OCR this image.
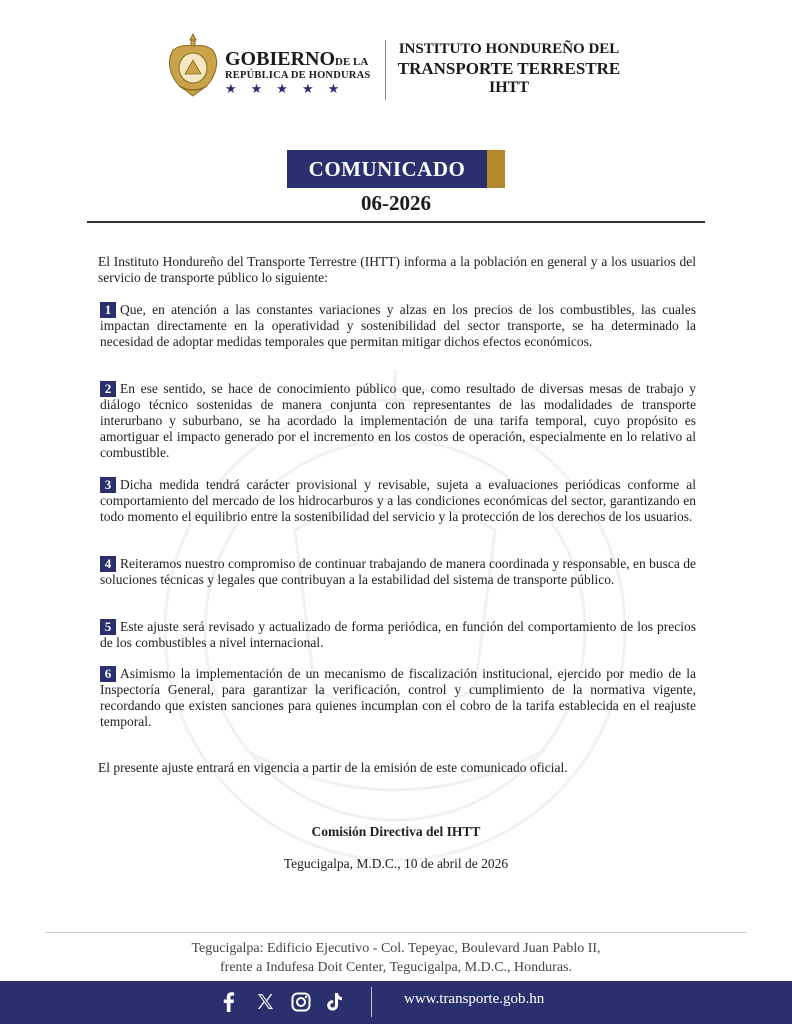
GOBIERNODE LA
REPÚBLICA DE HONDURAS
★★★★★
INSTITUTO HONDUREÑO DEL
TRANSPORTE TERRESTRE
IHTT
COMUNICADO
06-2026
El Instituto Hondureño del Transporte Terrestre (IHTT) informa a la población en general y a los usuarios del servicio de transporte público lo siguiente:
1 Que, en atención a las constantes variaciones y alzas en los precios de los combustibles, las cuales impactan directamente en la operatividad y sostenibilidad del sector transporte, se ha determinado la necesidad de adoptar medidas temporales que permitan mitigar dichos efectos económicos.
2 En ese sentido, se hace de conocimiento público que, como resultado de diversas mesas de trabajo y diálogo técnico sostenidas de manera conjunta con representantes de las modalidades de transporte interurbano y suburbano, se ha acordado la implementación de una tarifa temporal, cuyo propósito es amortiguar el impacto generado por el incremento en los costos de operación, especialmente en lo relativo al combustible.
3 Dicha medida tendrá carácter provisional y revisable, sujeta a evaluaciones periódicas conforme al comportamiento del mercado de los hidrocarburos y a las condiciones económicas del sector, garantizando en todo momento el equilibrio entre la sostenibilidad del servicio y la protección de los derechos de los usuarios.
4 Reiteramos nuestro compromiso de continuar trabajando de manera coordinada y responsable, en busca de soluciones técnicas y legales que contribuyan a la estabilidad del sistema de transporte público.
5 Este ajuste será revisado y actualizado de forma periódica, en función del comportamiento de los precios de los combustibles a nivel internacional.
6 Asimismo la implementación de un mecanismo de fiscalización institucional, ejercido por medio de la Inspectoría General, para garantizar la verificación, control y cumplimiento de la normativa vigente, recordando que existen sanciones para quienes incumplan con el cobro de la tarifa establecida en el reajuste temporal.
El presente ajuste entrará en vigencia a partir de la emisión de este comunicado oficial.
Comisión Directiva del IHTT
Tegucigalpa, M.D.C., 10 de abril de 2026
Tegucigalpa: Edificio Ejecutivo - Col. Tepeyac, Boulevard Juan Pablo II,
frente a Indufesa Doit Center, Tegucigalpa, M.D.C., Honduras.
www.transporte.gob.hn
